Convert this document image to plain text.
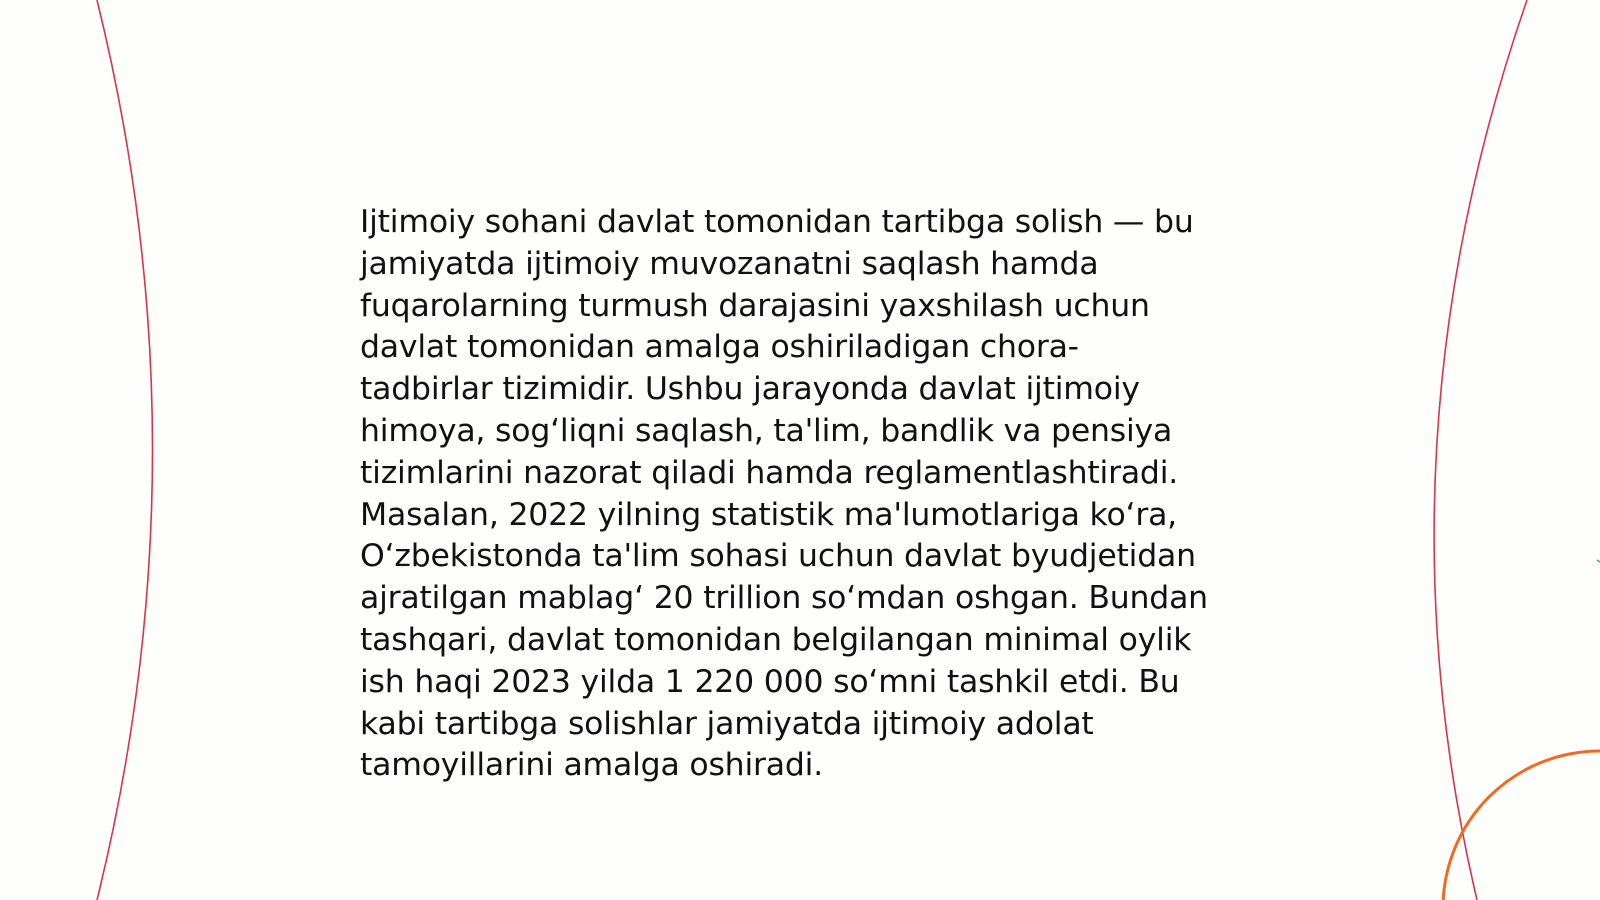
Ijtimoiy sohani davlat tomonidan tartibga solish — bu
jamiyatda ijtimoiy muvozanatni saqlash hamda
fuqarolarning turmush darajasini yaxshilash uchun
davlat tomonidan amalga oshiriladigan chora-
tadbirlar tizimidir. Ushbu jarayonda davlat ijtimoiy
himoya, sogʻliqni saqlash, ta'lim, bandlik va pensiya
tizimlarini nazorat qiladi hamda reglamentlashtiradi.
Masalan, 2022 yilning statistik ma'lumotlariga koʻra,
Oʻzbekistonda ta'lim sohasi uchun davlat byudjetidan
ajratilgan mablagʻ 20 trillion soʻmdan oshgan. Bundan
tashqari, davlat tomonidan belgilangan minimal oylik
ish haqi 2023 yilda 1 220 000 soʻmni tashkil etdi. Bu
kabi tartibga solishlar jamiyatda ijtimoiy adolat
tamoyillarini amalga oshiradi.
